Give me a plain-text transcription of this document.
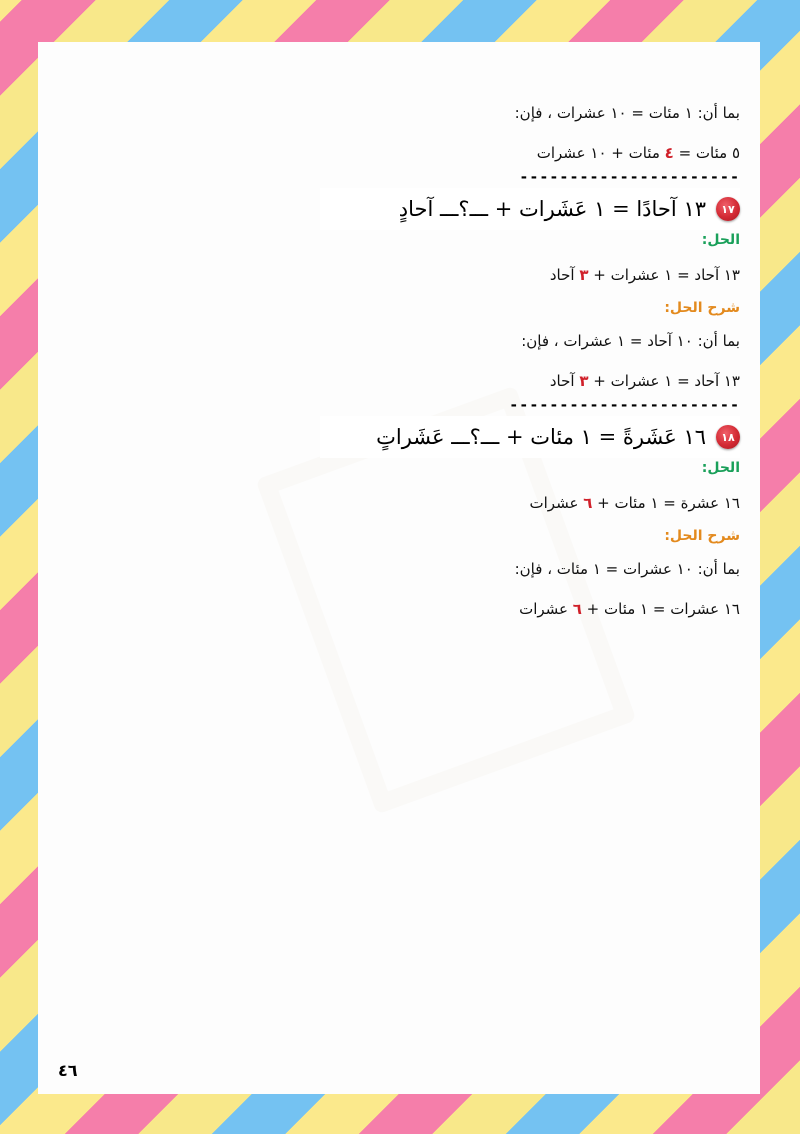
بما أن: ١ مئات = ١٠ عشرات ، فإن:

٥ مئات = ٤ مئات + ١٠ عشرات

----------------------
١٧
١٣ آحادًا = ١ عَشَرات + ـــ؟ـــ آحادٍ
الحل:

١٣ آحاد = ١ عشرات + ٣ آحاد

شرح الحل:

بما أن: ١٠ آحاد = ١ عشرات ، فإن:

١٣ آحاد = ١ عشرات + ٣ آحاد

-----------------------
١٨
١٦ عَشَرةً = ١ مئات + ـــ؟ـــ عَشَراتٍ
الحل:

١٦ عشرة = ١ مئات + ٦ عشرات

شرح الحل:

بما أن: ١٠ عشرات = ١ مئات ، فإن:

١٦ عشرات = ١ مئات + ٦ عشرات

٤٦
